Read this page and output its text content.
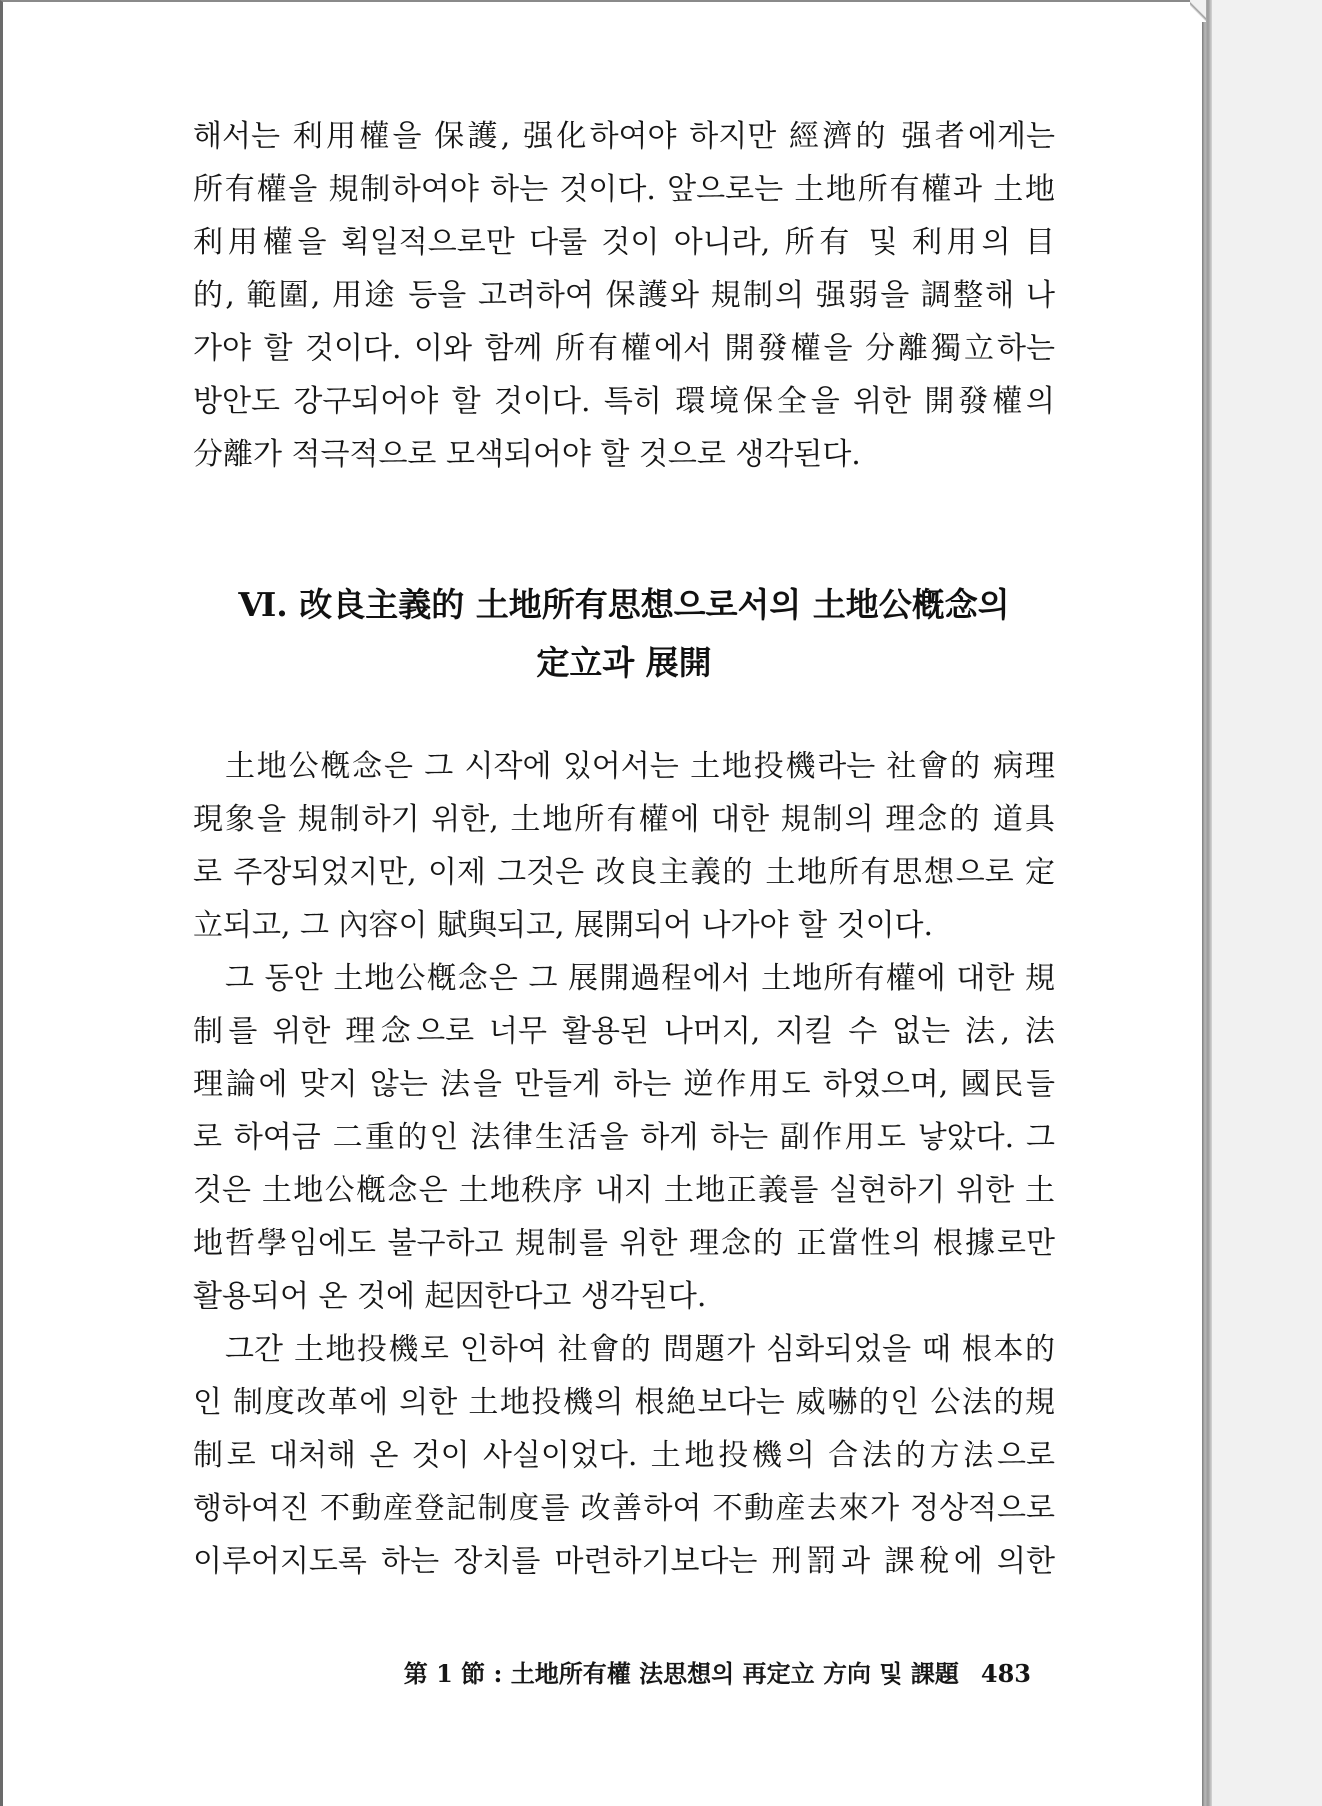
해서는 利用權을 保護, 强化하여야 하지만 經濟的 强者에게는
所有權을 規制하여야 하는 것이다. 앞으로는 土地所有權과 土地
利用權을 획일적으로만 다룰 것이 아니라, 所有 및 利用의 目
的, 範圍, 用途 등을 고려하여 保護와 規制의 强弱을 調整해 나
가야 할 것이다. 이와 함께 所有權에서 開發權을 分離獨立하는
방안도 강구되어야 할 것이다. 특히 環境保全을 위한 開發權의
分離가 적극적으로 모색되어야 할 것으로 생각된다.
Ⅵ. 改良主義的 土地所有思想으로서의 土地公槪念의
定立과 展開
土地公槪念은 그 시작에 있어서는 土地投機라는 社會的 病理
現象을 規制하기 위한, 土地所有權에 대한 規制의 理念的 道具
로 주장되었지만, 이제 그것은 改良主義的 土地所有思想으로 定
立되고, 그 內容이 賦與되고, 展開되어 나가야 할 것이다.
그 동안 土地公槪念은 그 展開過程에서 土地所有權에 대한 規
制를 위한 理念으로 너무 활용된 나머지, 지킬 수 없는 法, 法
理論에 맞지 않는 法을 만들게 하는 逆作用도 하였으며, 國民들
로 하여금 二重的인 法律生活을 하게 하는 副作用도 낳았다. 그
것은 土地公槪念은 土地秩序 내지 土地正義를 실현하기 위한 土
地哲學임에도 불구하고 規制를 위한 理念的 正當性의 根據로만
활용되어 온 것에 起因한다고 생각된다.
그간 土地投機로 인하여 社會的 問題가 심화되었을 때 根本的
인 制度改革에 의한 土地投機의 根絶보다는 威嚇的인 公法的規
制로 대처해 온 것이 사실이었다. 土地投機의 合法的方法으로
행하여진 不動産登記制度를 改善하여 不動産去來가 정상적으로
이루어지도록 하는 장치를 마련하기보다는 刑罰과 課稅에 의한
第 1 節 : 土地所有權 法思想의 再定立 方向 및 課題 483
